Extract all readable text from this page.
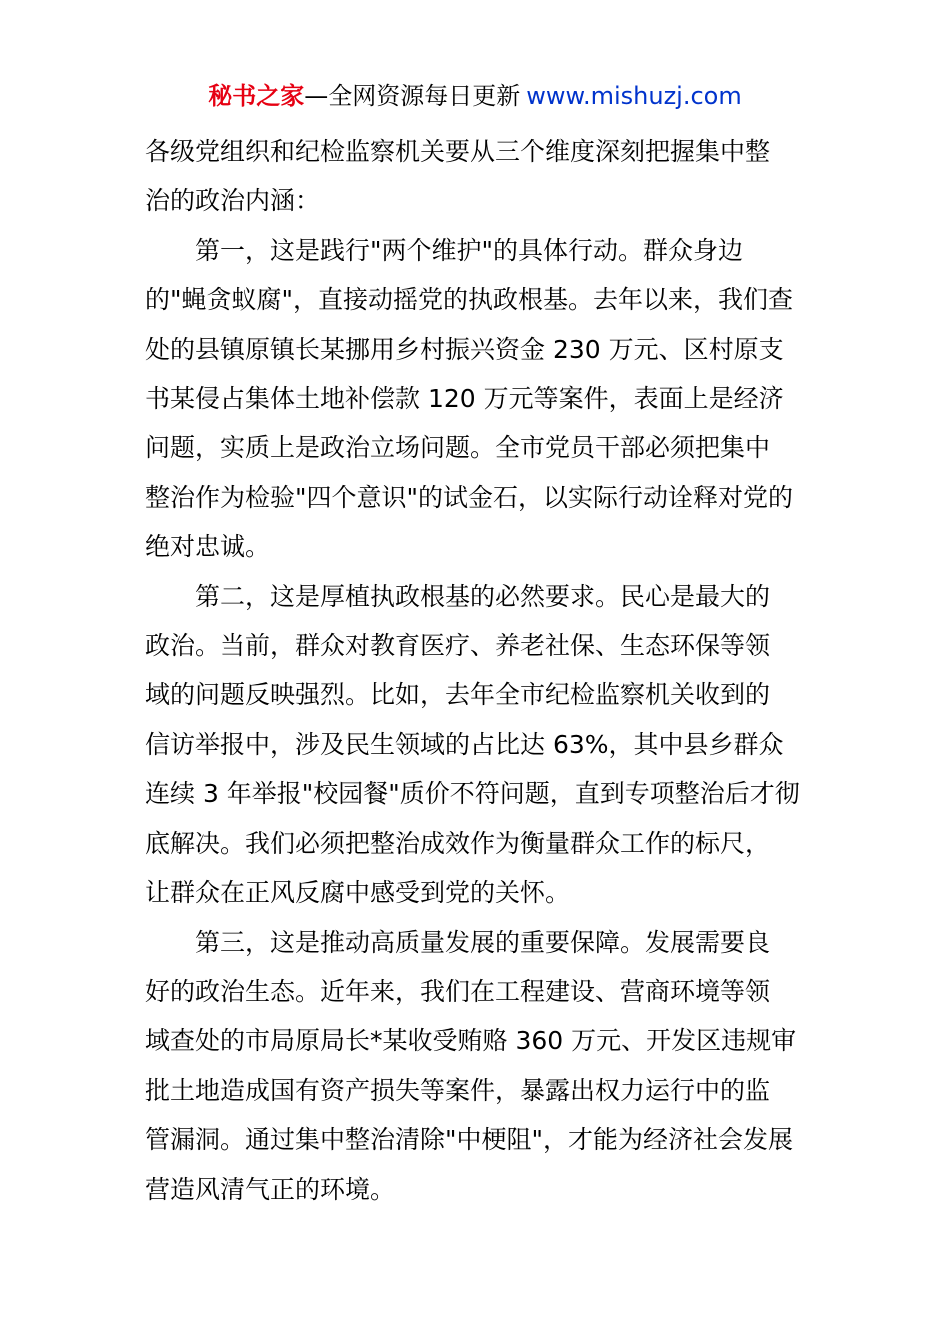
秘书之家—全网资源每日更新 www.mishuzj.com
各级党组织和纪检监察机关要从三个维度深刻把握集中整
治的政治内涵：
第一，这是践行"两个维护"的具体行动。群众身边
的"蝇贪蚁腐"，直接动摇党的执政根基。去年以来，我们查
处的县镇原镇长某挪用乡村振兴资金 230 万元、区村原支
书某侵占集体土地补偿款 120 万元等案件，表面上是经济
问题，实质上是政治立场问题。全市党员干部必须把集中
整治作为检验"四个意识"的试金石，以实际行动诠释对党的
绝对忠诚。
第二，这是厚植执政根基的必然要求。民心是最大的
政治。当前，群众对教育医疗、养老社保、生态环保等领
域的问题反映强烈。比如，去年全市纪检监察机关收到的
信访举报中，涉及民生领域的占比达 63%，其中县乡群众
连续 3 年举报"校园餐"质价不符问题，直到专项整治后才彻
底解决。我们必须把整治成效作为衡量群众工作的标尺，
让群众在正风反腐中感受到党的关怀。
第三，这是推动高质量发展的重要保障。发展需要良
好的政治生态。近年来，我们在工程建设、营商环境等领
域查处的市局原局长*某收受贿赂 360 万元、开发区违规审
批土地造成国有资产损失等案件，暴露出权力运行中的监
管漏洞。通过集中整治清除"中梗阻"，才能为经济社会发展
营造风清气正的环境。
